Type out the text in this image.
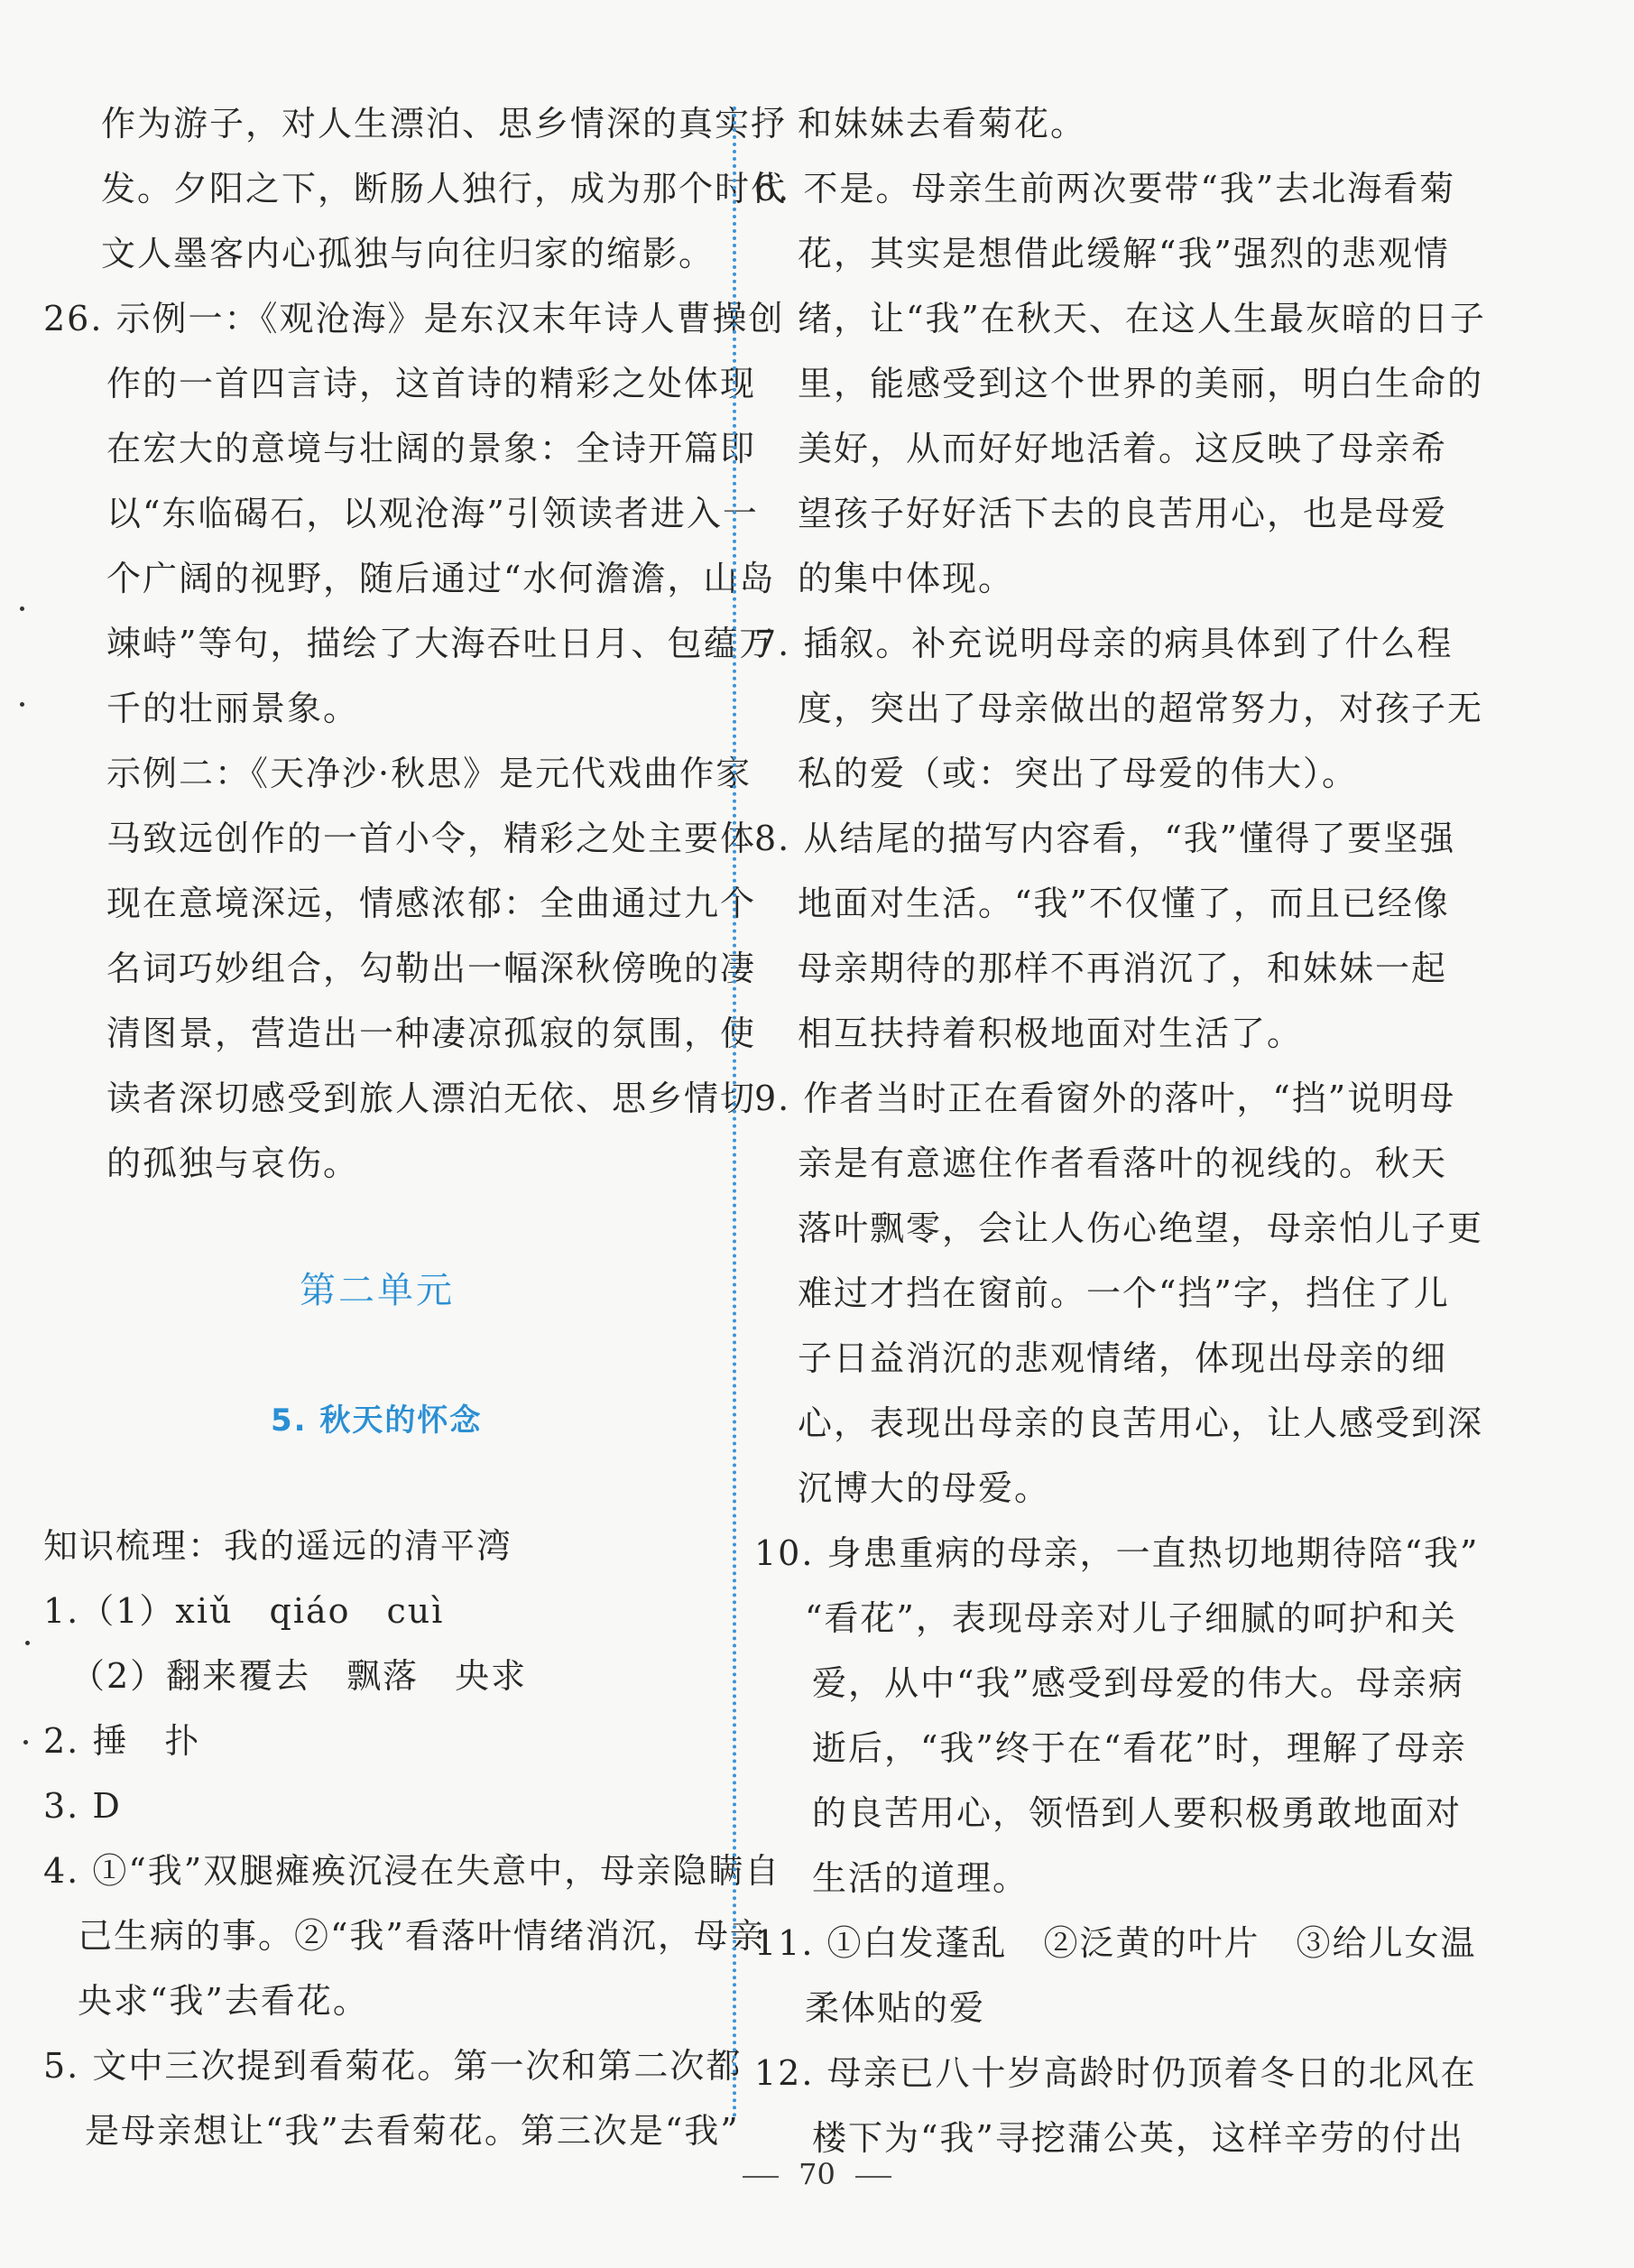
作为游子，对人生漂泊、思乡情深的真实抒
发。夕阳之下，断肠人独行，成为那个时代
文人墨客内心孤独与向往归家的缩影。
26. 示例一：《观沧海》是东汉末年诗人曹操创
作的一首四言诗，这首诗的精彩之处体现
在宏大的意境与壮阔的景象：全诗开篇即
以“东临碣石，以观沧海”引领读者进入一
个广阔的视野，随后通过“水何澹澹，山岛
竦峙”等句，描绘了大海吞吐日月、包蕴万
千的壮丽景象。
示例二：《天净沙·秋思》是元代戏曲作家
马致远创作的一首小令，精彩之处主要体
现在意境深远，情感浓郁：全曲通过九个
名词巧妙组合，勾勒出一幅深秋傍晚的凄
清图景，营造出一种凄凉孤寂的氛围，使
读者深切感受到旅人漂泊无依、思乡情切
的孤独与哀伤。
第二单元
5. 秋天的怀念
知识梳理：我的遥远的清平湾
1.（1）xiǔ　qiáo　cuì
（2）翻来覆去　飘落　央求
2. 捶　扑
3. D
4. ①“我”双腿瘫痪沉浸在失意中，母亲隐瞒自
己生病的事。②“我”看落叶情绪消沉，母亲
央求“我”去看花。
5. 文中三次提到看菊花。第一次和第二次都
是母亲想让“我”去看菊花。第三次是“我”
和妹妹去看菊花。
6. 不是。母亲生前两次要带“我”去北海看菊
花，其实是想借此缓解“我”强烈的悲观情
绪，让“我”在秋天、在这人生最灰暗的日子
里，能感受到这个世界的美丽，明白生命的
美好，从而好好地活着。这反映了母亲希
望孩子好好活下去的良苦用心，也是母爱
的集中体现。
7. 插叙。补充说明母亲的病具体到了什么程
度，突出了母亲做出的超常努力，对孩子无
私的爱（或：突出了母爱的伟大）。
8. 从结尾的描写内容看，“我”懂得了要坚强
地面对生活。“我”不仅懂了，而且已经像
母亲期待的那样不再消沉了，和妹妹一起
相互扶持着积极地面对生活了。
9. 作者当时正在看窗外的落叶，“挡”说明母
亲是有意遮住作者看落叶的视线的。秋天
落叶飘零，会让人伤心绝望，母亲怕儿子更
难过才挡在窗前。一个“挡”字，挡住了儿
子日益消沉的悲观情绪，体现出母亲的细
心，表现出母亲的良苦用心，让人感受到深
沉博大的母爱。
10. 身患重病的母亲，一直热切地期待陪“我”
“看花”，表现母亲对儿子细腻的呵护和关
爱，从中“我”感受到母爱的伟大。母亲病
逝后，“我”终于在“看花”时，理解了母亲
的良苦用心，领悟到人要积极勇敢地面对
生活的道理。
11. ①白发蓬乱　②泛黄的叶片　③给儿女温
柔体贴的爱
12. 母亲已八十岁高龄时仍顶着冬日的北风在
楼下为“我”寻挖蒲公英，这样辛劳的付出
70
